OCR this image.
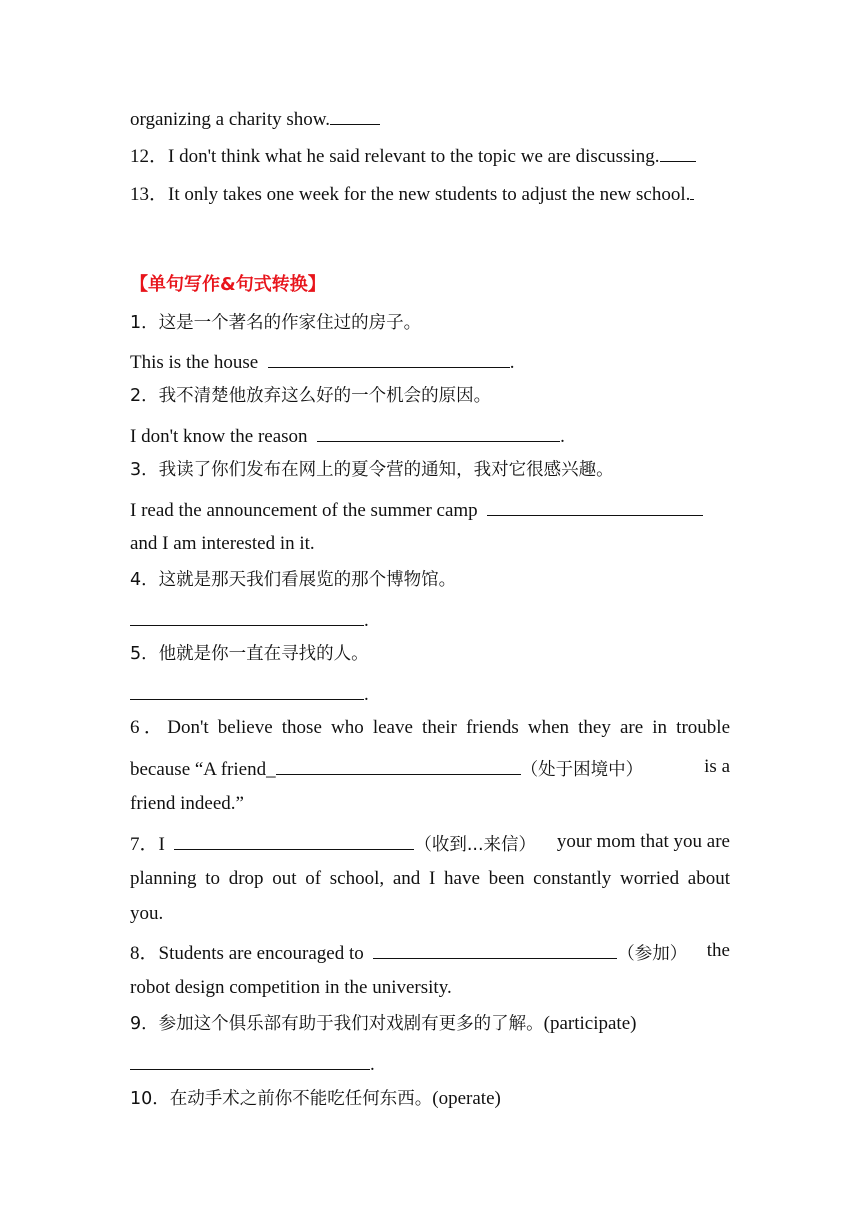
organizing a charity show.
12．I don't think what he said relevant to the topic we are discussing.
13．It only takes one week for the new students to adjust the new school.
【单句写作&句式转换】
1．这是一个著名的作家住过的房子。
This is the house	.
2．我不清楚他放弃这么好的一个机会的原因。
I don't know the reason	.
3．我读了你们发布在网上的夏令营的通知，我对它很感兴趣。
I read the announcement of the summer camp
and I am interested in it.
4．这就是那天我们看展览的那个博物馆。
.
5．他就是你一直在寻找的人。
.
6．Don't believe those who leave their friends when they are in trouble
because “A friend_	（处于困境中）	is a
friend indeed.”
7．I	（收到...来信） your mom that you are
planning to drop out of school, and I have been constantly worried about
you.
8．Students are encouraged to	（参加） the
robot design competition in the university.
9．参加这个俱乐部有助于我们对戏剧有更多的了解。(participate)
.
10．在动手术之前你不能吃任何东西。(operate)
